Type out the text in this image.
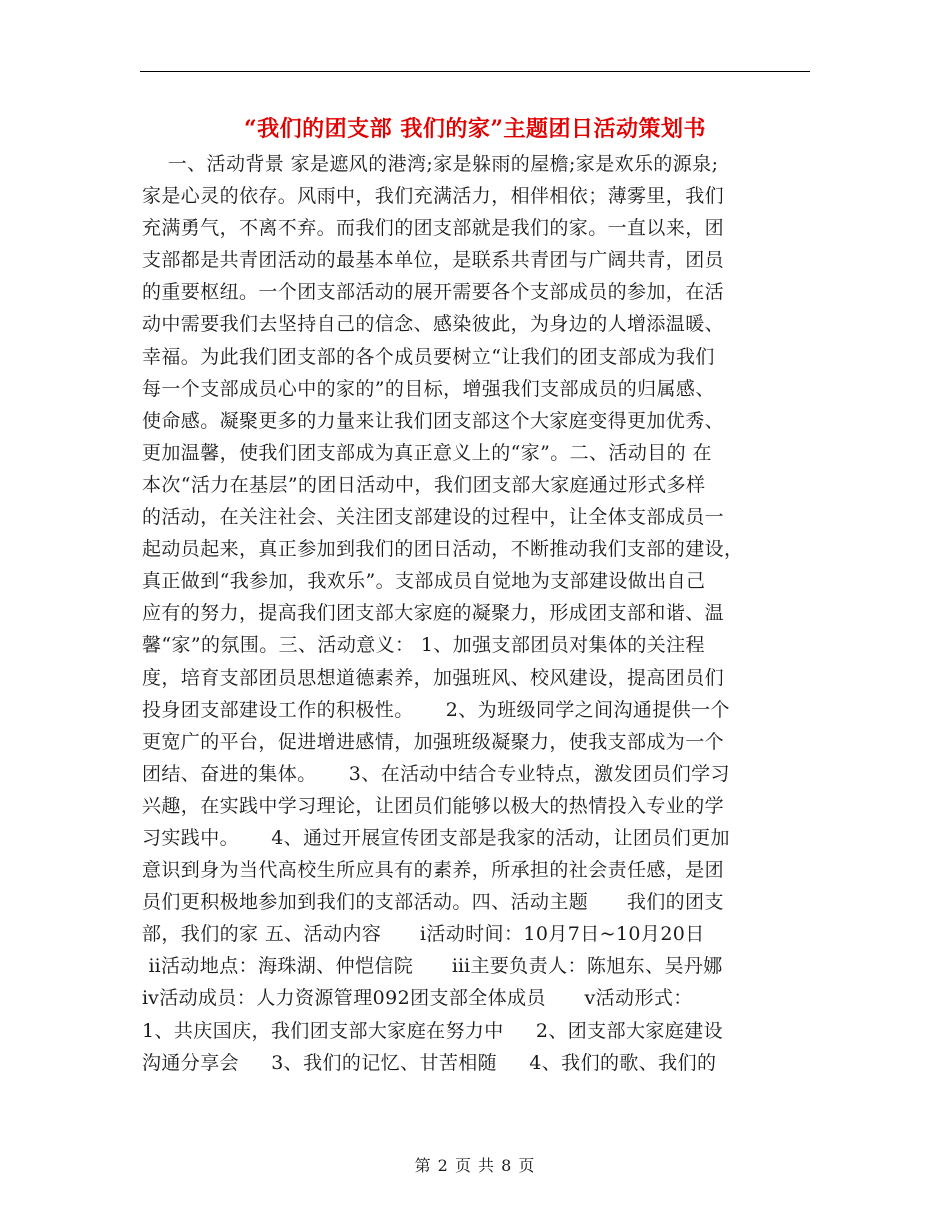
“我们的团支部 我们的家”主题团日活动策划书
一、活动背景 家是遮风的港湾;家是躲雨的屋檐;家是欢乐的源泉;
家是心灵的依存。风雨中，我们充满活力，相伴相依；薄雾里，我们
充满勇气，不离不弃。而我们的团支部就是我们的家。一直以来，团
支部都是共青团活动的最基本单位，是联系共青团与广阔共青，团员
的重要枢纽。一个团支部活动的展开需要各个支部成员的参加，在活
动中需要我们去坚持自己的信念、感染彼此，为身边的人增添温暖、
幸福。为此我们团支部的各个成员要树立“让我们的团支部成为我们
每一个支部成员心中的家的”的目标，增强我们支部成员的归属感、
使命感。凝聚更多的力量来让我们团支部这个大家庭变得更加优秀、
更加温馨，使我们团支部成为真正意义上的“家”。二、活动目的 在
本次“活力在基层”的团日活动中，我们团支部大家庭通过形式多样
的活动，在关注社会、关注团支部建设的过程中，让全体支部成员一
起动员起来，真正参加到我们的团日活动，不断推动我们支部的建设，
真正做到“我参加，我欢乐”。支部成员自觉地为支部建设做出自己
应有的努力，提高我们团支部大家庭的凝聚力，形成团支部和谐、温
馨“家”的氛围。三、活动意义： 1、加强支部团员对集体的关注程
度，培育支部团员思想道德素养，加强班风、校风建设，提高团员们
投身团支部建设工作的积极性。     2、为班级同学之间沟通提供一个
更宽广的平台，促进增进感情，加强班级凝聚力，使我支部成为一个
团结、奋进的集体。     3、在活动中结合专业特点，激发团员们学习
兴趣，在实践中学习理论，让团员们能够以极大的热情投入专业的学
习实践中。     4、通过开展宣传团支部是我家的活动，让团员们更加
意识到身为当代高校生所应具有的素养，所承担的社会责任感，是团
员们更积极地参加到我们的支部活动。四、活动主题      我们的团支
部，我们的家 五、活动内容      ⅰ活动时间：10月7日~10月20日
ⅱ活动地点：海珠湖、仲恺信院      ⅲ主要负责人：陈旭东、吴丹娜
ⅳ活动成员：人力资源管理092团支部全体成员      ⅴ活动形式：
1、共庆国庆，我们团支部大家庭在努力中     2、团支部大家庭建设
沟通分享会     3、我们的记忆、甘苦相随     4、我们的歌、我们的
第 2 页 共 8 页
